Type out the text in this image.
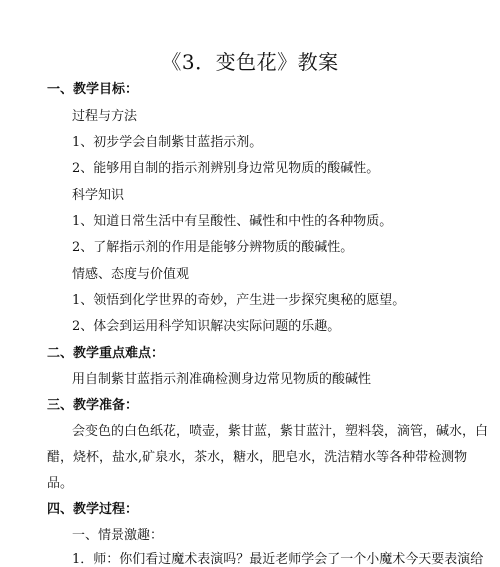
《3．变色花》教案
一、教学目标：
过程与方法
1、初步学会自制紫甘蓝指示剂。
2、能够用自制的指示剂辨别身边常见物质的酸碱性。
科学知识
1、知道日常生活中有呈酸性、碱性和中性的各种物质。
2、了解指示剂的作用是能够分辨物质的酸碱性。
情感、态度与价值观
1、领悟到化学世界的奇妙，产生进一步探究奥秘的愿望。
2、体会到运用科学知识解决实际问题的乐趣。
二、教学重点难点：
用自制紫甘蓝指示剂准确检测身边常见物质的酸碱性
三、教学准备：
会变色的白色纸花，喷壶，紫甘蓝，紫甘蓝汁，塑料袋，滴管，碱水，白
醋，烧杯，盐水,矿泉水，茶水，糖水，肥皂水，洗洁精水等各种带检测物
品。
四、教学过程：
一、情景激趣：
1．师：你们看过魔术表演吗？最近老师学会了一个小魔术今天要表演给
